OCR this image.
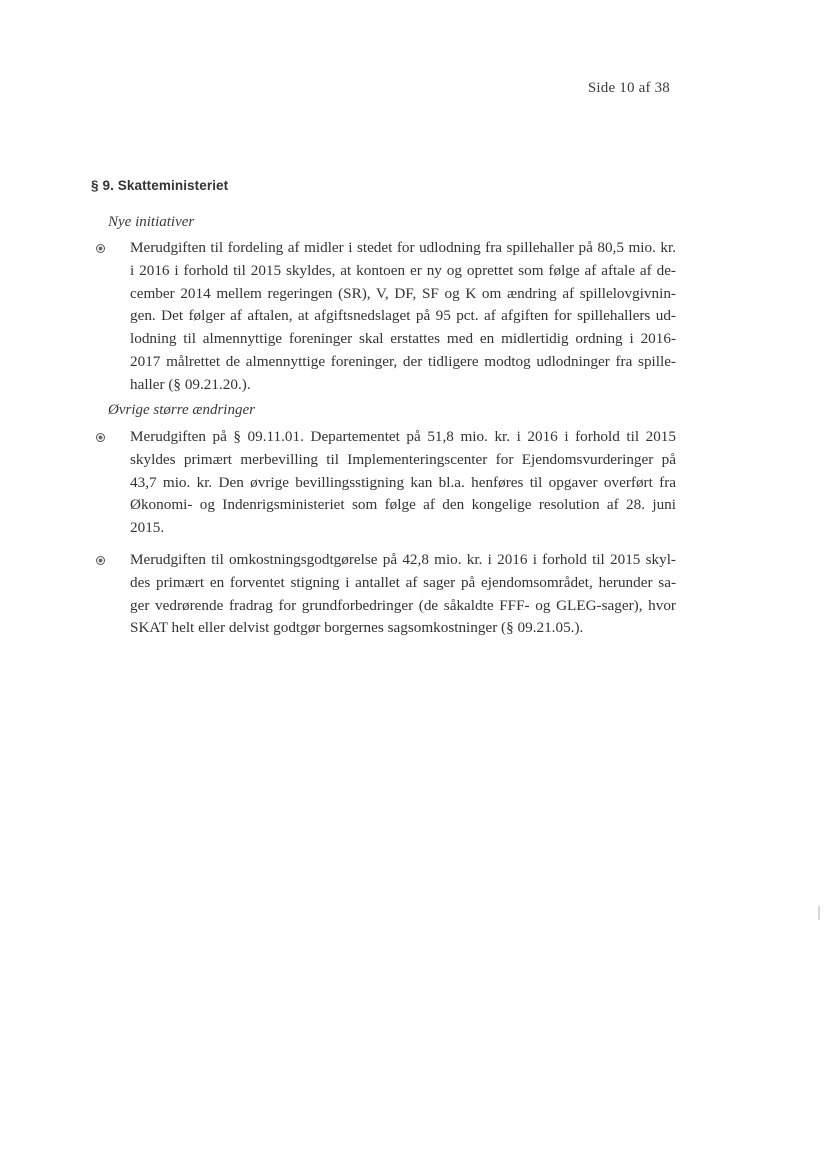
Side 10 af 38
§ 9. Skatteministeriet
Nye initiativer
Merudgiften til fordeling af midler i stedet for udlodning fra spillehaller på 80,5 mio. kr.
i 2016 i forhold til 2015 skyldes, at kontoen er ny og oprettet som følge af aftale af de-
cember 2014 mellem regeringen (SR), V, DF, SF og K om ændring af spillelovgivnin-
gen. Det følger af aftalen, at afgiftsnedslaget på 95 pct. af afgiften for spillehallers ud-
lodning til almennyttige foreninger skal erstattes med en midlertidig ordning i 2016-
2017 målrettet de almennyttige foreninger, der tidligere modtog udlodninger fra spille-
haller (§ 09.21.20.).
Øvrige større ændringer
Merudgiften på § 09.11.01. Departementet på 51,8 mio. kr. i 2016 i forhold til 2015
skyldes primært merbevilling til Implementeringscenter for Ejendomsvurderinger på
43,7 mio. kr. Den øvrige bevillingsstigning kan bl.a. henføres til opgaver overført fra
Økonomi- og Indenrigsministeriet som følge af den kongelige resolution af 28. juni
2015.
Merudgiften til omkostningsgodtgørelse på 42,8 mio. kr. i 2016 i forhold til 2015 skyl-
des primært en forventet stigning i antallet af sager på ejendomsområdet, herunder sa-
ger vedrørende fradrag for grundforbedringer (de såkaldte FFF- og GLEG-sager), hvor
SKAT helt eller delvist godtgør borgernes sagsomkostninger (§ 09.21.05.).
